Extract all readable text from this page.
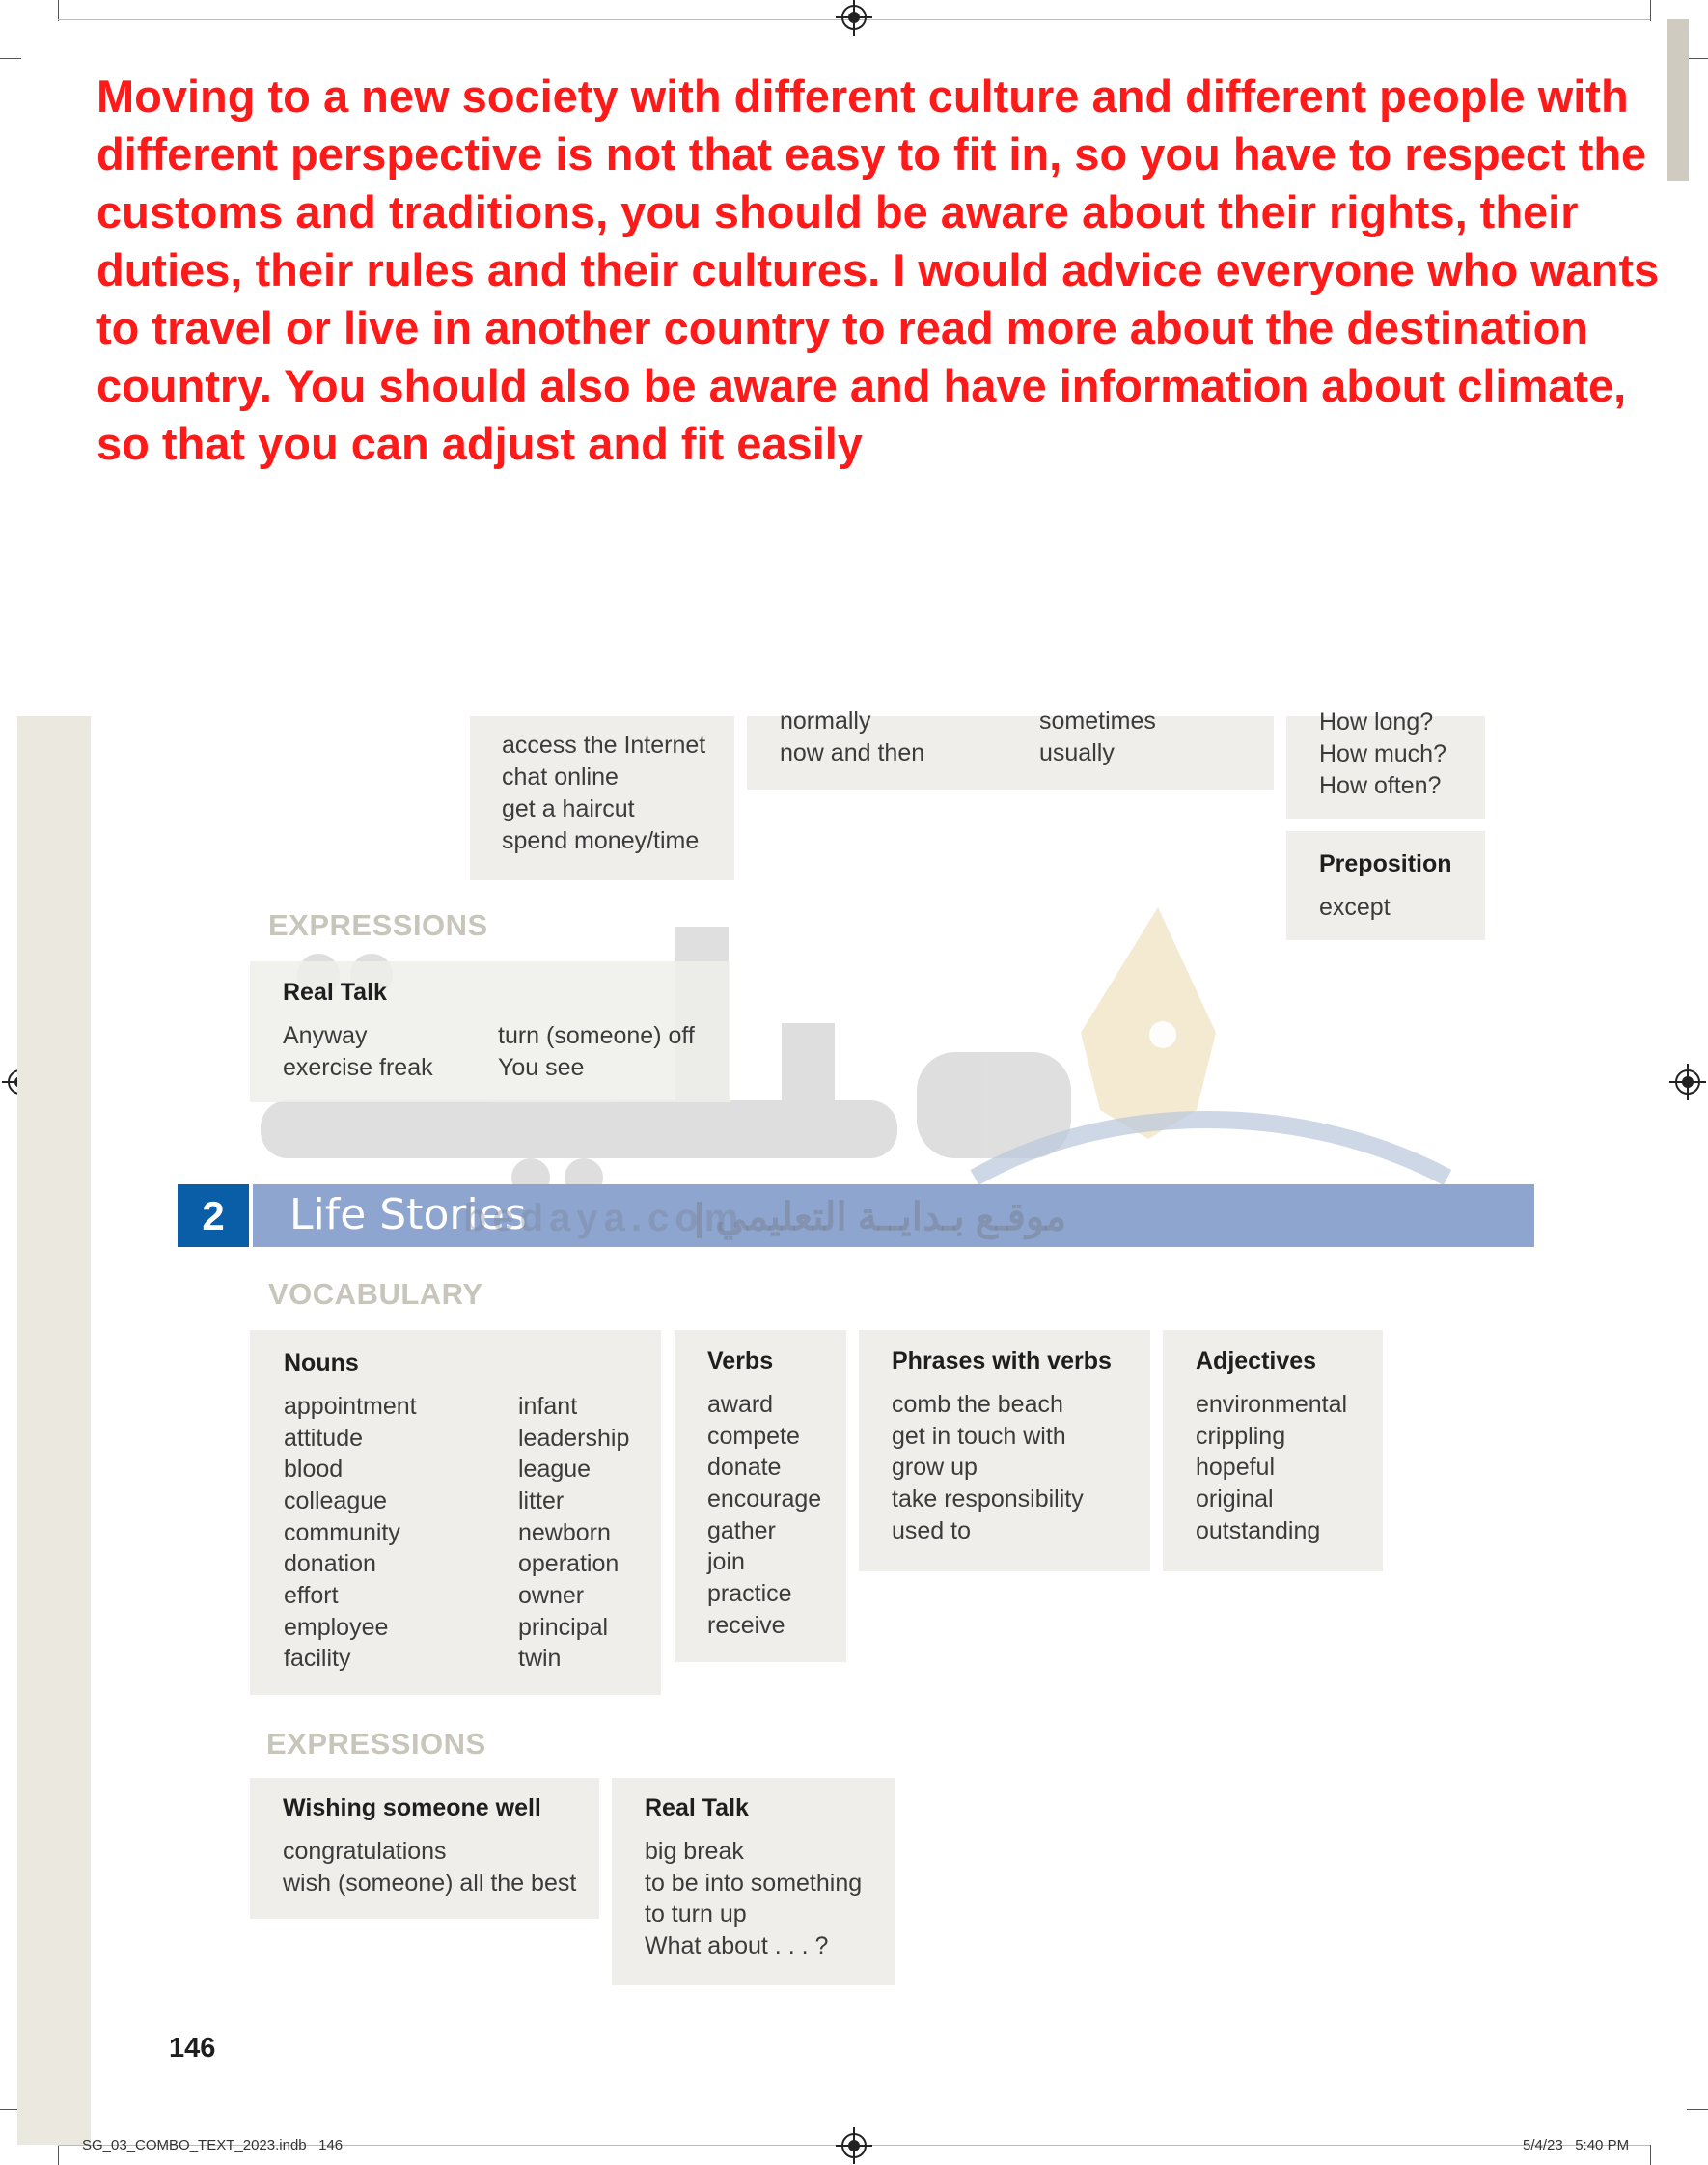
Moving to a new society with different culture and different people with different perspective is not that easy to fit in, so you have to respect the customs and traditions, you should be aware about their rights, their duties, their rules and their cultures. I would advice everyone who wants to travel or live in another country to read more about the destination country. You should also be aware and have information about climate, so that you can adjust and fit easily
access the Internet
chat online
get a haircut
spend money/time
normally
now and then
sometimes
usually
How long?
How much?
How often?
Preposition
except
EXPRESSIONS
Real Talk
Anyway
exercise freak
turn (someone) off
You see
2	Life Stories
bedaya.com
موقـع بـدايــة التعليمي |
VOCABULARY
Nouns
appointment
attitude
blood
colleague
community
donation
effort
employee
facility
infant
leadership
league
litter
newborn
operation
owner
principal
twin
Verbs
award
compete
donate
encourage
gather
join
practice
receive
Phrases with verbs
comb the beach
get in touch with
grow up
take responsibility
used to
Adjectives
environmental
crippling
hopeful
original
outstanding
EXPRESSIONS
Wishing someone well
congratulations
wish (someone) all the best
Real Talk
big break
to be into something
to turn up
What about . . . ?
146
SG_03_COMBO_TEXT_2023.indb   146	5/4/23   5:40 PM
